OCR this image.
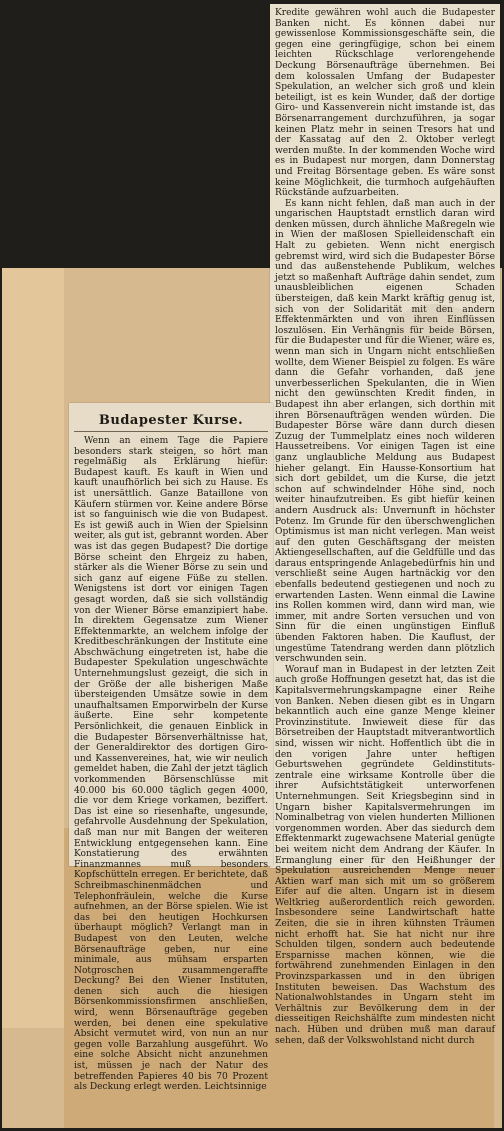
Kredite gewähren wohl auch die Budapester Banken nicht. Es können dabei nur gewissenlose Kommissionsgeschäfte sein, die gegen eine geringfügige, schon bei einem leichten Rückschlage verlorengehende Deckung Börsenaufträge übernehmen. Bei dem kolossalen Umfang der Budapester Spekulation, an welcher sich groß und klein beteiligt, ist es kein Wunder, daß der dortige Giro- und Kassenverein nicht imstande ist, das Börsenarrangement durchzuführen, ja sogar keinen Platz mehr in seinen Tresors hat und der Kassatag auf den 2. Oktober verlegt werden mußte. In der kommenden Woche wird es in Budapest nur morgen, dann Donnerstag und Freitag Börsentage geben. Es wäre sonst keine Möglichkeit, die turmhoch aufgehäuften Rückstände aufzuarbeiten.

Es kann nicht fehlen, daß man auch in der ungarischen Hauptstadt ernstlich daran wird denken müssen, durch ähnliche Maßregeln wie in Wien der maßlosen Spielleidenschaft ein Halt zu gebieten. Wenn nicht energisch gebremst wird, wird sich die Budapester Börse und das außenstehende Publikum, welches jetzt so maßenhaft Aufträge dahin sendet, zum unausbleiblichen eigenen Schaden übersteigen, daß kein Markt kräftig genug ist, sich von der Solidarität mit den andern Effektenmärkten und von ihren Einflüssen loszulösen. Ein Verhängnis für beide Börsen, für die Budapester und für die Wiener, wäre es, wenn man sich in Ungarn nicht entschließen wollte, dem Wiener Beispiel zu folgen. Es wäre dann die Gefahr vorhanden, daß jene unverbesserlichen Spekulanten, die in Wien nicht den gewünschten Kredit finden, in Budapest ihn aber erlangen, sich dorthin mit ihren Börsenaufträgen wenden würden. Die Budapester Börse wäre dann durch diesen Zuzug der Tummelplatz eines noch wilderen Haussetreibens. Vor einigen Tagen ist eine ganz unglaubliche Meldung aus Budapest hieher gelangt. Ein Hausse-Konsortium hat sich dort gebildet, um die Kurse, die jetzt schon auf schwindelnder Höhe sind, noch weiter hinaufzutreiben. Es gibt hiefür keinen andern Ausdruck als: Unvernunft in höchster Potenz. Im Grunde für den überschwenglichen Optimismus ist man nicht verlegen. Man weist auf den guten Geschäftsgang der meisten Aktiengesellschaften, auf die Geldfülle und das daraus entspringende Anlagebedürfnis hin und verschließt seine Augen hartnäckig vor den ebenfalls bedeutend gestiegenen und noch zu erwartenden Lasten. Wenn einmal die Lawine ins Rollen kommen wird, dann wird man, wie immer, mit andre Sorten versuchen und von Sinn für die einen ungünstigen Einfluß übenden Faktoren haben. Die Kauflust, der ungestüme Tatendrang werden dann plötzlich verschwunden sein.

Worauf man in Budapest in der letzten Zeit auch große Hoffnungen gesetzt hat, das ist die Kapitalsvermehrungskampagne einer Reihe von Banken. Neben diesen gibt es in Ungarn bekanntlich auch eine ganze Menge kleiner Provinzinstitute. Inwieweit diese für das Börsetreiben der Hauptstadt mitverantwortlich sind, wissen wir nicht. Hoffentlich übt die in den vorigen Jahre unter heftigen Geburtswehen gegründete Geldinstituts-zentrale eine wirksame Kontrolle über die ihrer Aufsichtstätigkeit unterworfenen Unternehmungen. Seit Kriegsbeginn sind in Ungarn bisher Kapitalsvermehrungen im Nominalbetrag von vielen hunderten Millionen vorgenommen worden. Aber das siedurch dem Effektenmarkt zugewachsene Material genügte bei weitem nicht dem Andrang der Käufer. In Ermanglung einer für den Heißhunger der Spekulation ausreichenden Menge neuer Aktien warf man sich mit um so größerem Eifer auf die alten. Ungarn ist in diesem Weltkrieg außerordentlich reich geworden. Insbesondere seine Landwirtschaft hatte Zeiten, die sie in ihren kühnsten Träumen nicht erhofft hat. Sie hat nicht nur ihre Schulden tilgen, sondern auch bedeutende Ersparnisse machen können, wie die fortwährend zunehmenden Einlagen in den Provinzsparkassen und in den übrigen Instituten beweisen. Das Wachstum des Nationalwohlstandes in Ungarn steht im Verhältnis zur Bevölkerung dem in der diesseitigen Reichshälfte zum mindesten nicht nach. Hüben und drüben muß man darauf sehen, daß der Volkswohlstand nicht durch

Budapester Kurse.

Wenn an einem Tage die Papiere besonders stark steigen, so hört man regelmäßig als Erklärung hiefür: Budapest kauft. Es kauft in Wien und kauft unaufhörlich bei sich zu Hause. Es ist unersättlich. Ganze Bataillone von Käufern stürmen vor. Keine andere Börse ist so fanguinisch wie die von Budapest. Es ist gewiß auch in Wien der Spielsinn weiter, als gut ist, gebrannt worden. Aber was ist das gegen Budapest? Die dortige Börse scheint den Ehrgeiz zu haben, stärker als die Wiener Börse zu sein und sich ganz auf eigene Füße zu stellen. Wenigstens ist dort vor einigen Tagen gesagt worden, daß sie sich vollständig von der Wiener Börse emanzipiert habe. In direktem Gegensatze zum Wiener Effektenmarkte, an welchem infolge der Kreditbeschränkungen der Institute eine Abschwächung eingetreten ist, habe die Budapester Spekulation ungeschwächte Unternehmungslust gezeigt, die sich in der Größe der alle bisherigen Maße übersteigenden Umsätze sowie in dem unaufhaltsamen Emporwirbeln der Kurse äußerte. Eine sehr kompetente Persönlichkeit, die genauen Einblick in die Budapester Börsenverhältnisse hat, der Generaldirektor des dortigen Giro- und Kassenvereines, hat, wie wir neulich gemeldet haben, die Zahl der jetzt täglich vorkommenden Börsenschlüsse mit 40.000 bis 60.000 täglich gegen 4000, die vor dem Kriege vorkamen, beziffert. Das ist eine so riesenhafte, ungesunde, gefahrvolle Ausdehnung der Spekulation, daß man nur mit Bangen der weiteren Entwicklung entgegensehen kann. Eine Konstatierung des erwähnten Finanzmannes muß besonders Kopfschütteln erregen. Er berichtete, daß Schreibmaschinenmädchen und Telephonfräulein, welche die Kurse aufnehmen, an der Börse spielen. Wie ist das bei den heutigen Hochkursen überhaupt möglich? Verlangt man in Budapest von den Leuten, welche Börsenaufträge geben, nur eine minimale, aus mühsam ersparten Notgroschen zusammengeraffte Deckung? Bei den Wiener Instituten, denen sich auch die hiesigen Börsenkommissionsfirmen anschließen, wird, wenn Börsenaufträge gegeben werden, bei denen eine spekulative Absicht vermutet wird, von nun an nur gegen volle Barzahlung ausgeführt. Wo eine solche Absicht nicht anzunehmen ist, müssen je nach der Natur des betreffenden Papieres 40 bis 70 Prozent als Deckung erlegt werden. Leichtsinnige
